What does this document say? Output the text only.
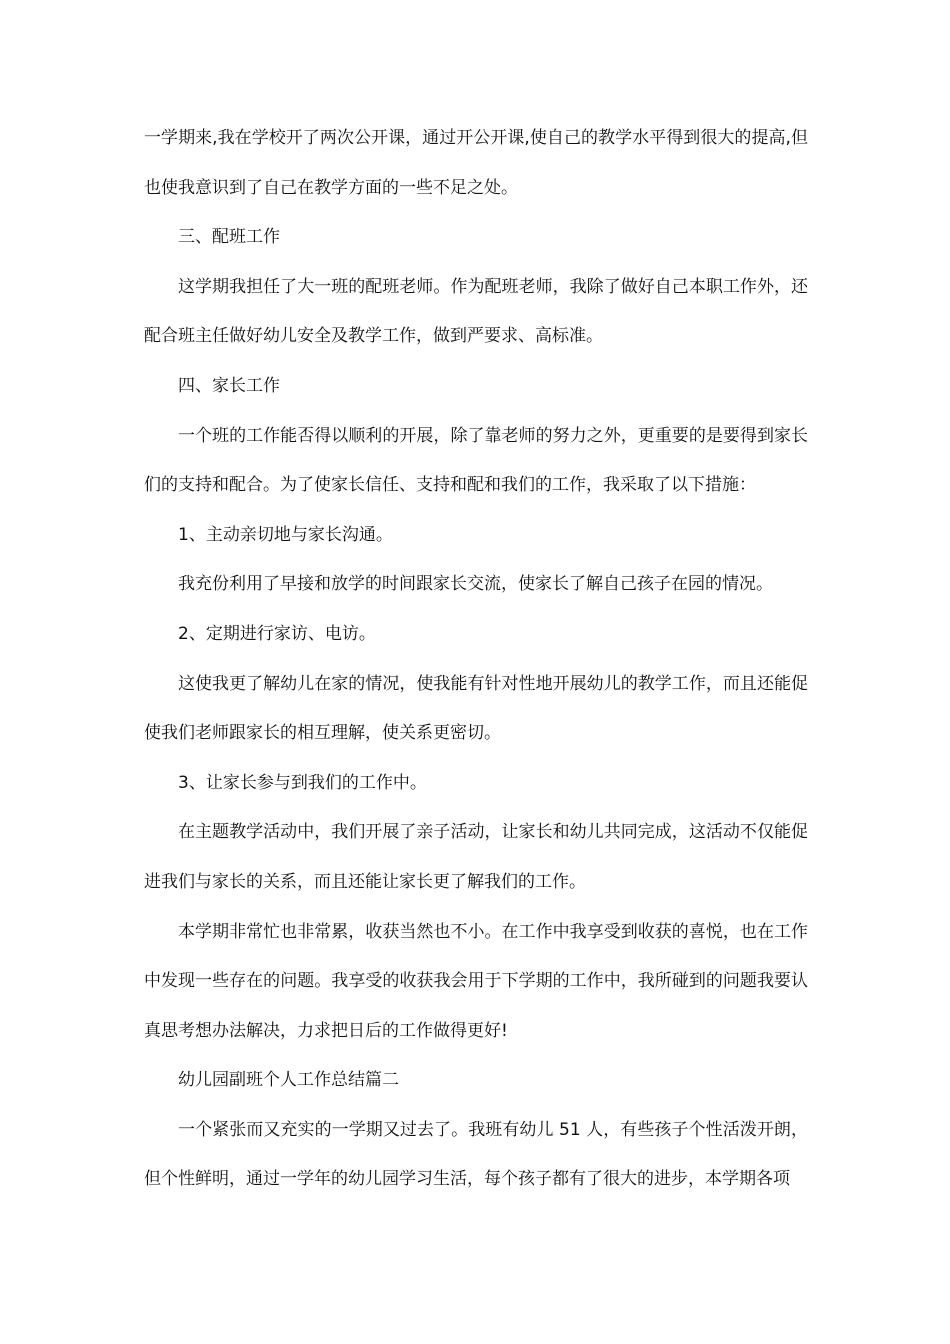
一学期来,我在学校开了两次公开课，通过开公开课,使自己的教学水平得到很大的提高,但也使我意识到了自己在教学方面的一些不足之处。

三、配班工作

这学期我担任了大一班的配班老师。作为配班老师，我除了做好自己本职工作外，还配合班主任做好幼儿安全及教学工作，做到严要求、高标准。

四、家长工作

一个班的工作能否得以顺利的开展，除了靠老师的努力之外，更重要的是要得到家长们的支持和配合。为了使家长信任、支持和配和我们的工作，我采取了以下措施：

1、主动亲切地与家长沟通。

我充份利用了早接和放学的时间跟家长交流，使家长了解自己孩子在园的情况。

2、定期进行家访、电访。

这使我更了解幼儿在家的情况，使我能有针对性地开展幼儿的教学工作，而且还能促使我们老师跟家长的相互理解，使关系更密切。

3、让家长参与到我们的工作中。

在主题教学活动中，我们开展了亲子活动，让家长和幼儿共同完成，这活动不仅能促进我们与家长的关系，而且还能让家长更了解我们的工作。

本学期非常忙也非常累，收获当然也不小。在工作中我享受到收获的喜悦，也在工作中发现一些存在的问题。我享受的收获我会用于下学期的工作中，我所碰到的问题我要认真思考想办法解决，力求把日后的工作做得更好!

幼儿园副班个人工作总结篇二

一个紧张而又充实的一学期又过去了。我班有幼儿 51 人，有些孩子个性活泼开朗，但个性鲜明，通过一学年的幼儿园学习生活，每个孩子都有了很大的进步，本学期各项
